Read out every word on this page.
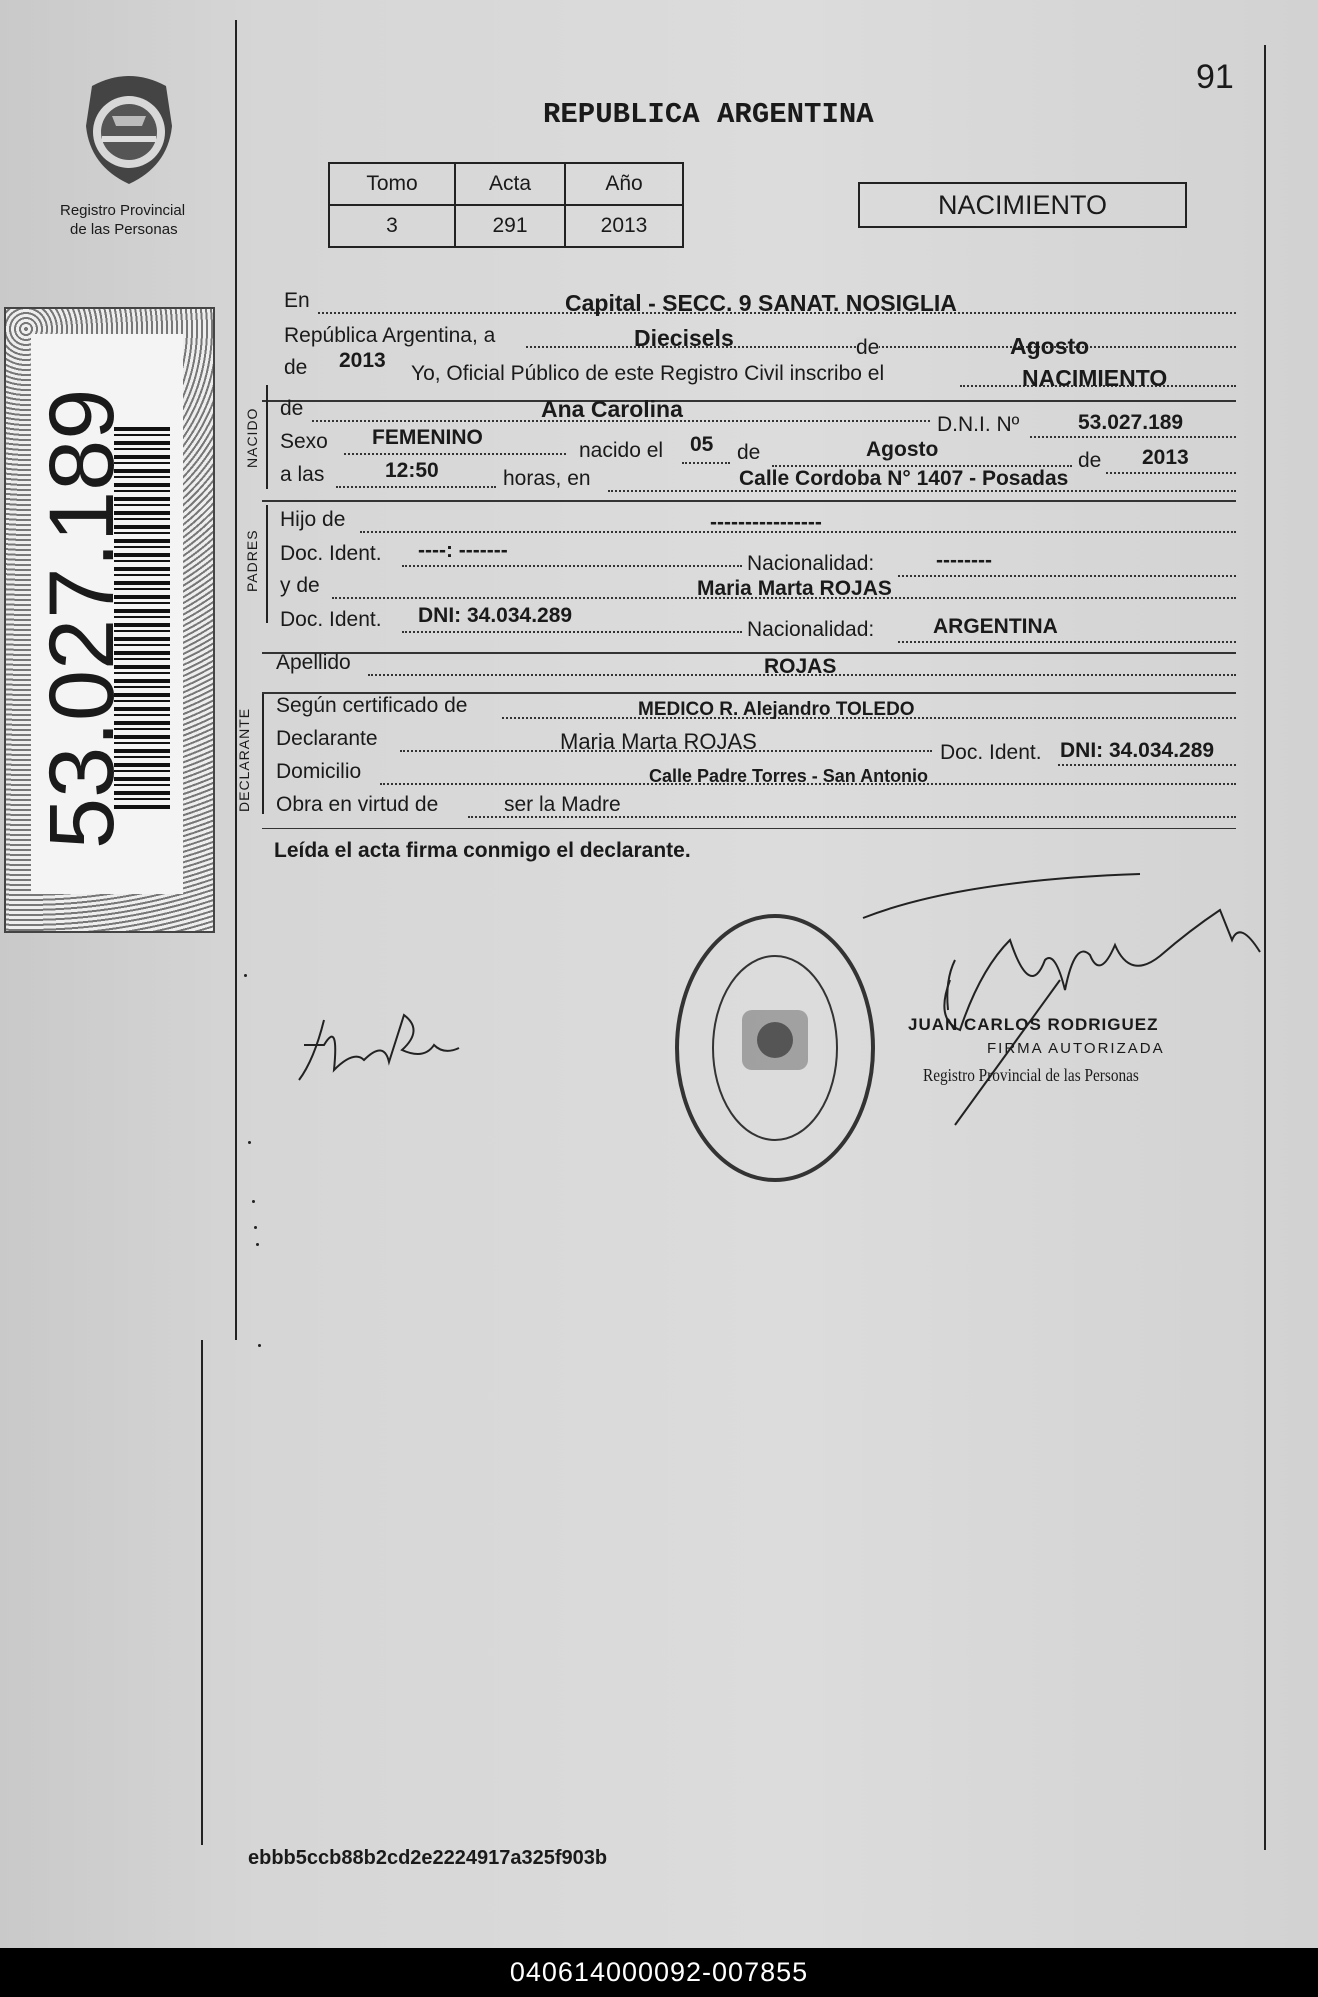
Registro Provincial
de las Personas
53.027.189
91
REPUBLICA ARGENTINA
Tomo	Acta	Año
3	291	2013
NACIMIENTO
En	Capital - SECC. 9 SANAT. NOSIGLIA
República Argentina, a	Diecisels	de	Agosto
de 2013
Yo, Oficial Público de este Registro Civil inscribo el	NACIMIENTO
NACIDO de	Ana Carolina
D.N.I. Nº	53.027.189
Sexo FEMENINO
nacido el 05 de	Agosto	de 2013
a las	12:50	horas, en	Calle Cordoba N° 1407 - Posadas
PADRES
Hijo de	----------------
Doc. Ident. ----: -------
Nacionalidad:	--------
y de	Maria Marta ROJAS
Doc. Ident. DNI: 34.034.289
Nacionalidad:	ARGENTINA
Apellido	ROJAS
DECLARANTE
Según certificado de	MEDICO R. Alejandro TOLEDO
Declarante	Maria Marta ROJAS	Doc. Ident. DNI: 34.034.289
Domicilio	Calle Padre Torres - San Antonio
Obra en virtud de	ser la Madre
Leída el acta firma conmigo el declarante.
JUAN CARLOS RODRIGUEZ
FIRMA AUTORIZADA
Registro Provincial de las Personas
ebbb5ccb88b2cd2e2224917a325f903b
040614000092-007855
